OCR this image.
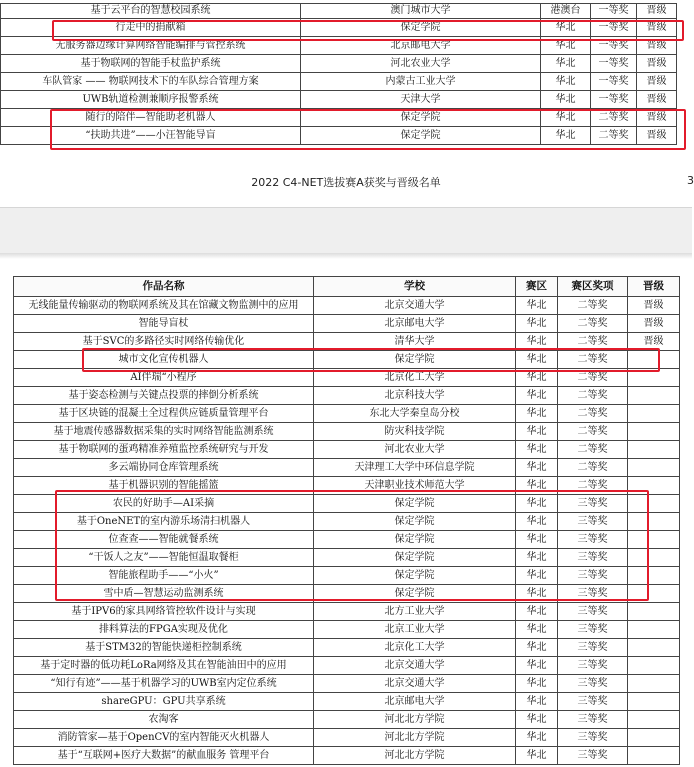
基于云平台的智慧校园系统	澳门城市大学	港澳台	一等奖	晋级
行走中的捐献箱	保定学院	华北	一等奖	晋级
无服务器边缘计算网络智能编排与管控系统	北京邮电大学	华北	一等奖	晋级
基于物联网的智能手杖监护系统	河北农业大学	华北	一等奖	晋级
车队管家 —— 物联网技术下的车队综合管理方案	内蒙古工业大学	华北	一等奖	晋级
UWB轨道检测兼顺序报警系统	天津大学	华北	一等奖	晋级
随行的陪伴—智能助老机器人	保定学院	华北	二等奖	晋级
“扶助共进”——小汪智能导盲	保定学院	华北	二等奖	晋级
2022 C4-NET选拔赛A获奖与晋级名单	3
作品名称	学校	赛区	赛区奖项	晋级
无线能量传输驱动的物联网系统及其在馆藏文物监测中的应用	北京交通大学	华北	二等奖	晋级
智能导盲杖	北京邮电大学	华北	二等奖	晋级
基于SVC的多路径实时网络传输优化	清华大学	华北	二等奖	晋级
城市文化宣传机器人	保定学院	华北	二等奖	
AI伴瑞“小程序	北京化工大学	华北	二等奖	
基于姿态检测与关键点投票的摔倒分析系统	北京科技大学	华北	二等奖	
基于区块链的混凝土全过程供应链质量管理平台	东北大学秦皇岛分校	华北	二等奖	
基于地震传感器数据采集的实时网络智能监测系统	防灾科技学院	华北	二等奖	
基于物联网的蛋鸡精准养殖监控系统研究与开发	河北农业大学	华北	二等奖	
多云端协同仓库管理系统	天津理工大学中环信息学院	华北	二等奖	
基于机器识别的智能摇篮	天津职业技术师范大学	华北	二等奖	
农民的好助手—AI采摘	保定学院	华北	三等奖	
基于OneNET的室内游乐场清扫机器人	保定学院	华北	三等奖	
位查查——智能就餐系统	保定学院	华北	三等奖	
“干饭人之友”——智能恒温取餐柜	保定学院	华北	三等奖	
智能旅程助手——“小火”	保定学院	华北	三等奖	
雪中盾—智慧运动监测系统	保定学院	华北	三等奖	
基于IPV6的家具网络管控软件设计与实现	北方工业大学	华北	三等奖	
排料算法的FPGA实现及优化	北京工业大学	华北	三等奖	
基于STM32的智能快递柜控制系统	北京化工大学	华北	三等奖	
基于定时器的低功耗LoRa网络及其在智能油田中的应用	北京交通大学	华北	三等奖	
“知行有迹”——基于机器学习的UWB室内定位系统	北京交通大学	华北	三等奖	
shareGPU：GPU共享系统	北京邮电大学	华北	三等奖	
农淘客	河北北方学院	华北	三等奖	
消防管家—基于OpenCV的室内智能灭火机器人	河北北方学院	华北	三等奖	
基于“互联网+医疗大数据”的献血服务 管理平台	河北北方学院	华北	三等奖	
